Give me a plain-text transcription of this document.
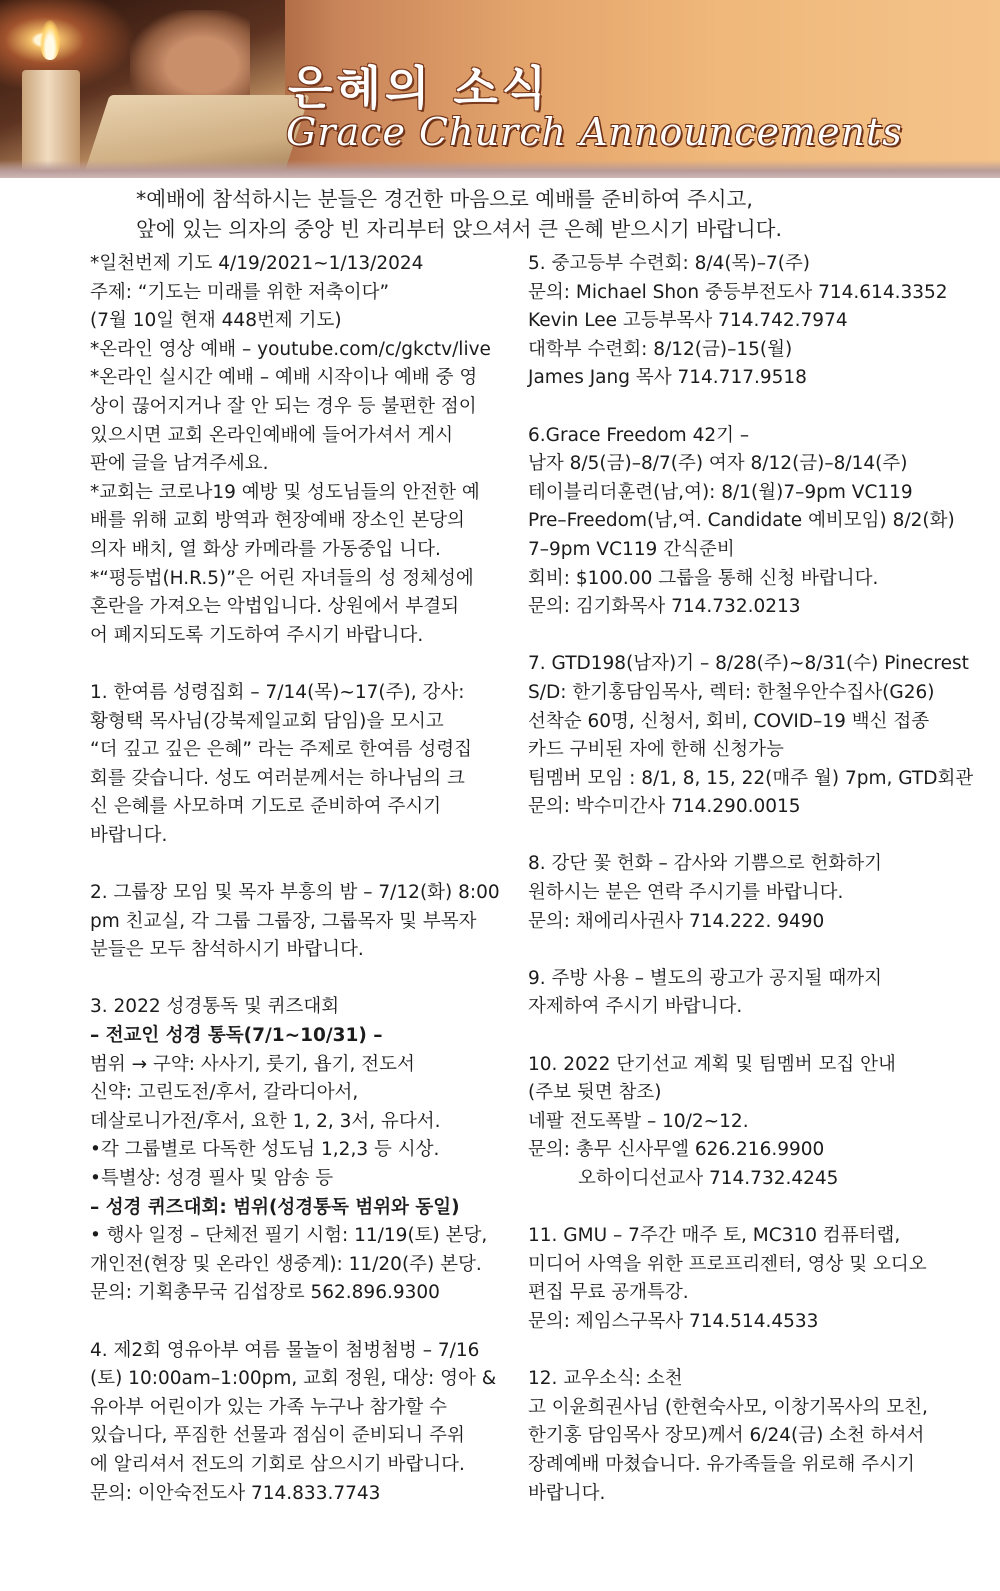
은혜의 소식
Grace Church Announcements
*예배에 참석하시는 분들은 경건한 마음으로 예배를 준비하여 주시고,
앞에 있는 의자의 중앙 빈 자리부터 앉으셔서 큰 은혜 받으시기 바랍니다.
*일천번제 기도 4/19/2021~1/13/2024
주제: “기도는 미래를 위한 저축이다”
(7월 10일 현재 448번제 기도)
*온라인 영상 예배 – youtube.com/c/gkctv/live
*온라인 실시간 예배 – 예배 시작이나 예배 중 영
상이 끊어지거나 잘 안 되는 경우 등 불편한 점이
있으시면 교회 온라인예배에 들어가셔서 게시
판에 글을 남겨주세요.
*교회는 코로나19 예방 및 성도님들의 안전한 예
배를 위해 교회 방역과 현장예배 장소인 본당의
의자 배치, 열 화상 카메라를 가동중입 니다.
*“평등법(H.R.5)”은 어린 자녀들의 성 정체성에
혼란을 가져오는 악법입니다. 상원에서 부결되
어 폐지되도록 기도하여 주시기 바랍니다.
1. 한여름 성령집회 – 7/14(목)~17(주), 강사:
황형택 목사님(강북제일교회 담임)을 모시고
“더 깊고 깊은 은혜” 라는 주제로 한여름 성령집
회를 갖습니다. 성도 여러분께서는 하나님의 크
신 은혜를 사모하며 기도로 준비하여 주시기
바랍니다.
2. 그룹장 모임 및 목자 부흥의 밤 – 7/12(화) 8:00
pm 친교실, 각 그룹 그룹장, 그룹목자 및 부목자
분들은 모두 참석하시기 바랍니다.
3. 2022 성경통독 및 퀴즈대회
– 전교인 성경 통독(7/1~10/31) –
범위 → 구약: 사사기, 룻기, 욥기, 전도서
신약: 고린도전/후서, 갈라디아서,
데살로니가전/후서, 요한 1, 2, 3서, 유다서.
•각 그룹별로 다독한 성도님 1,2,3 등 시상.
•특별상: 성경 필사 및 암송 등
– 성경 퀴즈대회: 범위(성경통독 범위와 동일)
• 행사 일정 – 단체전 필기 시험: 11/19(토) 본당,
개인전(현장 및 온라인 생중계): 11/20(주) 본당.
문의: 기획총무국 김섭장로 562.896.9300
4. 제2회 영유아부 여름 물놀이 첨벙첨벙 – 7/16
(토) 10:00am–1:00pm, 교회 정원, 대상: 영아 &
유아부 어린이가 있는 가족 누구나 참가할 수
있습니다, 푸짐한 선물과 점심이 준비되니 주위
에 알리셔서 전도의 기회로 삼으시기 바랍니다.
문의: 이안숙전도사 714.833.7743
5. 중고등부 수련회: 8/4(목)–7(주)
문의: Michael Shon 중등부전도사 714.614.3352
Kevin Lee 고등부목사 714.742.7974
대학부 수련회: 8/12(금)–15(월)
James Jang 목사 714.717.9518
6.Grace Freedom 42기 –
남자 8/5(금)–8/7(주) 여자 8/12(금)–8/14(주)
테이블리더훈련(남,여): 8/1(월)7–9pm VC119
Pre–Freedom(남,여. Candidate 예비모임) 8/2(화)
7–9pm VC119 간식준비
회비: $100.00 그룹을 통해 신청 바랍니다.
문의: 김기화목사 714.732.0213
7. GTD198(남자)기 – 8/28(주)~8/31(수) Pinecrest
S/D: 한기홍담임목사, 렉터: 한철우안수집사(G26)
선착순 60명, 신청서, 회비, COVID–19 백신 접종
카드 구비된 자에 한해 신청가능
팀멤버 모임 : 8/1, 8, 15, 22(매주 월) 7pm, GTD회관
문의: 박수미간사 714.290.0015
8. 강단 꽃 헌화 – 감사와 기쁨으로 헌화하기
원하시는 분은 연락 주시기를 바랍니다.
문의: 채에리사권사 714.222. 9490
9. 주방 사용 – 별도의 광고가 공지될 때까지
자제하여 주시기 바랍니다.
10. 2022 단기선교 계획 및 팀멤버 모집 안내
(주보 뒷면 참조)
네팔 전도폭발 – 10/2~12.
문의: 총무 신사무엘 626.216.9900
오하이디선교사 714.732.4245
11. GMU – 7주간 매주 토, MC310 컴퓨터랩,
미디어 사역을 위한 프로프리젠터, 영상 및 오디오
편집 무료 공개특강.
문의: 제임스구목사 714.514.4533
12. 교우소식: 소천
고 이윤희권사님 (한현숙사모, 이창기목사의 모친,
한기홍 담임목사 장모)께서 6/24(금) 소천 하셔서
장례예배 마쳤습니다. 유가족들을 위로해 주시기
바랍니다.
